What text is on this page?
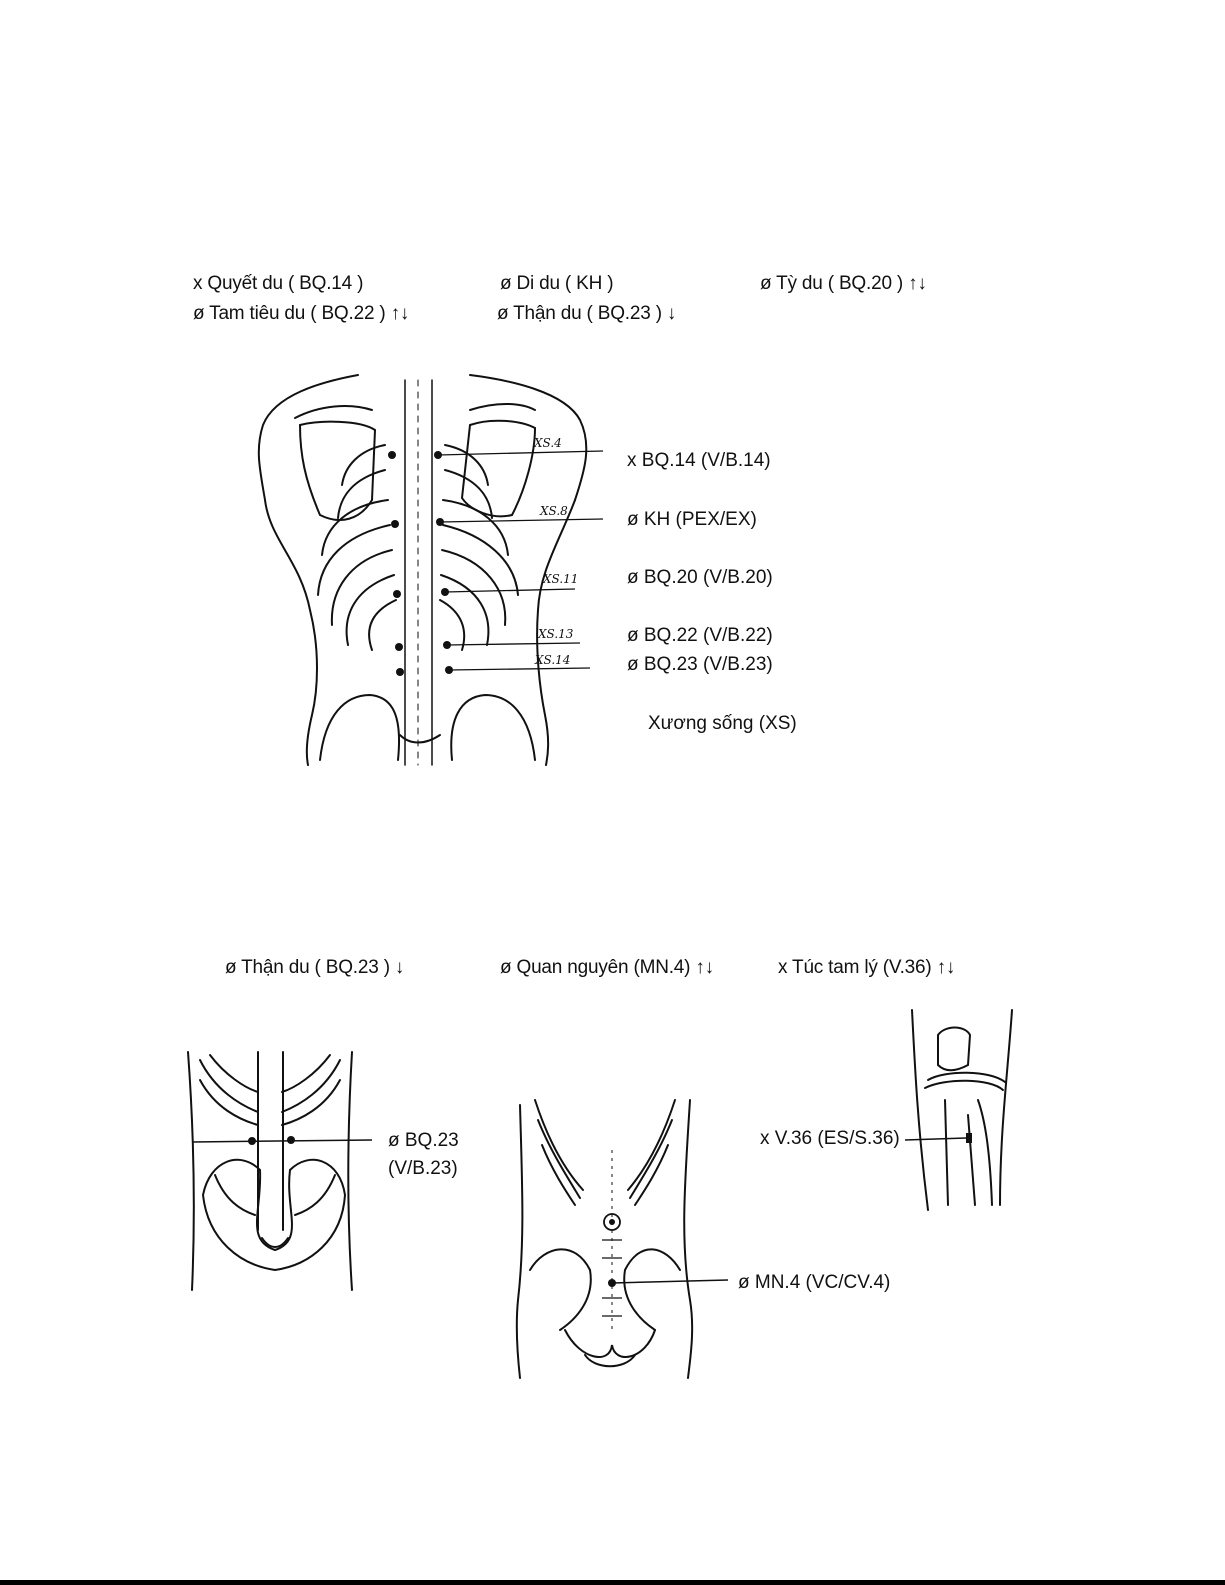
x Quyết du ( BQ.14 )	ø Di du ( KH )	ø Tỳ du ( BQ.20 ) ↑↓
ø Tam tiêu du ( BQ.22 ) ↑↓	ø Thận du ( BQ.23 ) ↓
XS.4
XS.8
XS.11
XS.13
XS.14
x BQ.14 (V/B.14)
ø KH (PEX/EX)
ø BQ.20 (V/B.20)
ø BQ.22 (V/B.22)
ø BQ.23 (V/B.23)
Xương sống (XS)
ø Thận du ( BQ.23 ) ↓	ø Quan nguyên (MN.4) ↑↓	x Túc tam lý (V.36) ↑↓
ø BQ.23
(V/B.23)
ø MN.4 (VC/CV.4)
x V.36 (ES/S.36)
